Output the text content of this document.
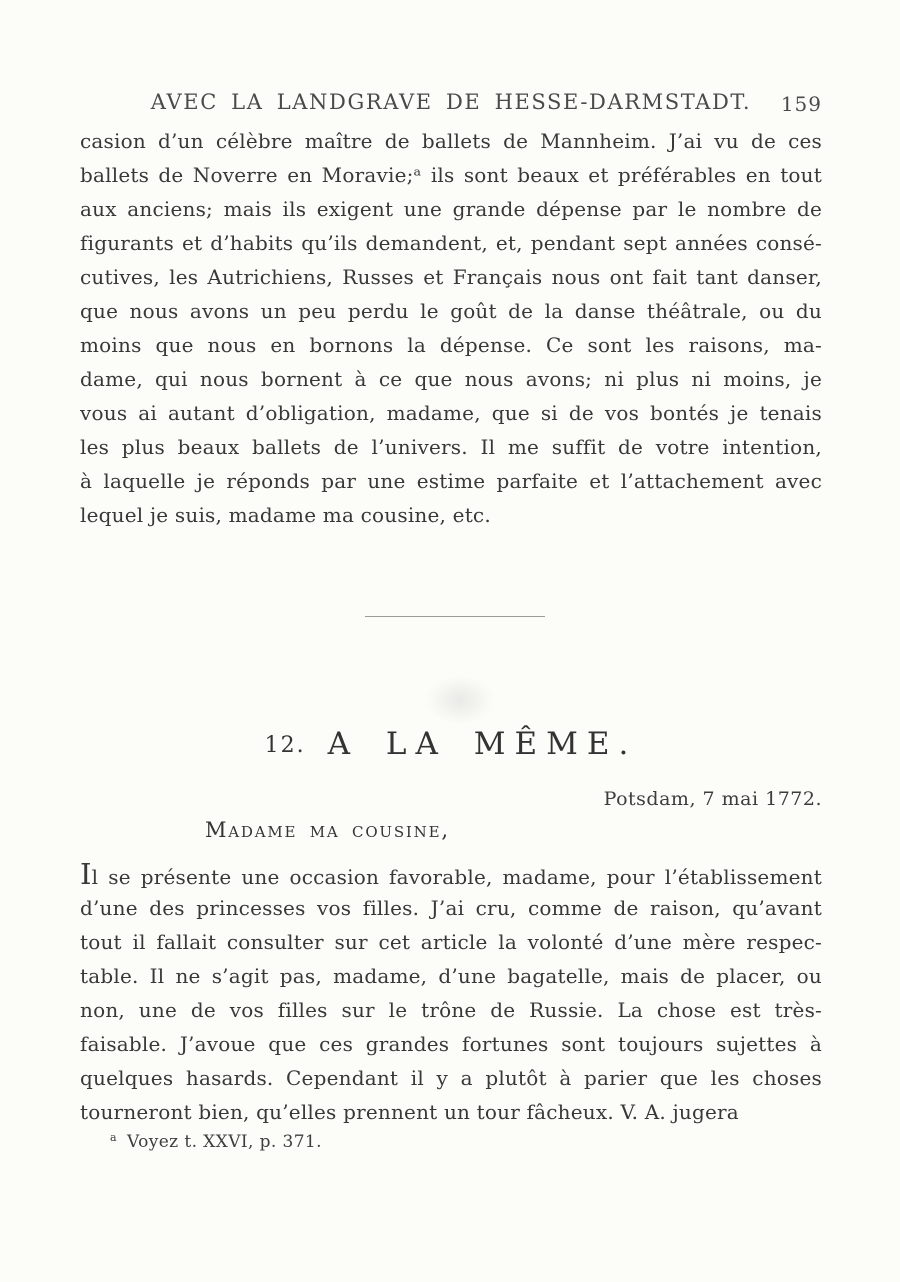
AVEC LA LANDGRAVE DE HESSE-DARMSTADT. 159
casion d’un célèbre maître de ballets de Mannheim. J’ai vu de ces
ballets de Noverre en Moravie;ᵃ ils sont beaux et préférables en tout
aux anciens; mais ils exigent une grande dépense par le nombre de
figurants et d’habits qu’ils demandent, et, pendant sept années consé-
cutives, les Autrichiens, Russes et Français nous ont fait tant danser,
que nous avons un peu perdu le goût de la danse théâtrale, ou du
moins que nous en bornons la dépense. Ce sont les raisons, ma-
dame, qui nous bornent à ce que nous avons; ni plus ni moins, je
vous ai autant d’obligation, madame, que si de vos bontés je tenais
les plus beaux ballets de l’univers. Il me suffit de votre intention,
à laquelle je réponds par une estime parfaite et l’attachement avec
lequel je suis, madame ma cousine, etc.
12. A LA MÊME.
Potsdam, 7 mai 1772.
Madame ma cousine,
Il se présente une occasion favorable, madame, pour l’établissement
d’une des princesses vos filles. J’ai cru, comme de raison, qu’avant
tout il fallait consulter sur cet article la volonté d’une mère respec-
table. Il ne s’agit pas, madame, d’une bagatelle, mais de placer, ou
non, une de vos filles sur le trône de Russie. La chose est très-
faisable. J’avoue que ces grandes fortunes sont toujours sujettes à
quelques hasards. Cependant il y a plutôt à parier que les choses
tourneront bien, qu’elles prennent un tour fâcheux. V. A. jugera
$^a$ Voyez t. XXVI, p. 371.
